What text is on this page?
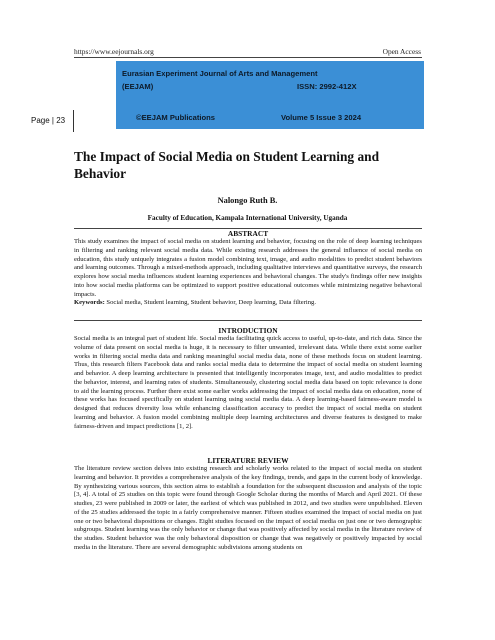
https://www.eejournals.org	Open Access
Eurasian Experiment Journal of Arts and Management
(EEJAM)	ISSN: 2992-412X
©EEJAM Publications	Volume 5 Issue 3 2024
Page | 23
The Impact of Social Media on Student Learning and Behavior
Nalongo Ruth B.
Faculty of Education, Kampala International University, Uganda
ABSTRACT
This study examines the impact of social media on student learning and behavior, focusing on the role of deep learning techniques in filtering and ranking relevant social media data. While existing research addresses the general influence of social media on education, this study uniquely integrates a fusion model combining text, image, and audio modalities to predict student behaviors and learning outcomes. Through a mixed-methods approach, including qualitative interviews and quantitative surveys, the research explores how social media influences student learning experiences and behavioral changes. The study's findings offer new insights into how social media platforms can be optimized to support positive educational outcomes while minimizing negative behavioral impacts.
Keywords: Social media, Student learning, Student behavior, Deep learning, Data filtering.
INTRODUCTION
Social media is an integral part of student life. Social media facilitating quick access to useful, up-to-date, and rich data. Since the volume of data present on social media is huge, it is necessary to filter unwanted, irrelevant data. While there exist some earlier works in filtering social media data and ranking meaningful social media data, none of these methods focus on student learning. Thus, this research filters Facebook data and ranks social media data to determine the impact of social media on student learning and behavior. A deep learning architecture is presented that intelligently incorporates image, text, and audio modalities to predict the behavior, interest, and learning rates of students. Simultaneously, clustering social media data based on topic relevance is done to aid the learning process. Further there exist some earlier works addressing the impact of social media data on education, none of these works has focused specifically on student learning using social media data. A deep learning-based fairness-aware model is designed that reduces diversity loss while enhancing classification accuracy to predict the impact of social media on student learning and behavior. A fusion model combining multiple deep learning architectures and diverse features is designed to make fairness-driven and impact predictions [1, 2].
LITERATURE REVIEW
The literature review section delves into existing research and scholarly works related to the impact of social media on student learning and behavior. It provides a comprehensive analysis of the key findings, trends, and gaps in the current body of knowledge. By synthesizing various sources, this section aims to establish a foundation for the subsequent discussion and analysis of the topic [3, 4]. A total of 25 studies on this topic were found through Google Scholar during the months of March and April 2021. Of these studies, 23 were published in 2009 or later, the earliest of which was published in 2012, and two studies were unpublished. Eleven of the 25 studies addressed the topic in a fairly comprehensive manner. Fifteen studies examined the impact of social media on just one or two behavioral dispositions or changes. Eight studies focused on the impact of social media on just one or two demographic subgroups. Student learning was the only behavior or change that was positively affected by social media in the literature review of the studies. Student behavior was the only behavioral disposition or change that was negatively or positively impacted by social media in the literature. There are several demographic subdivisions among students on
